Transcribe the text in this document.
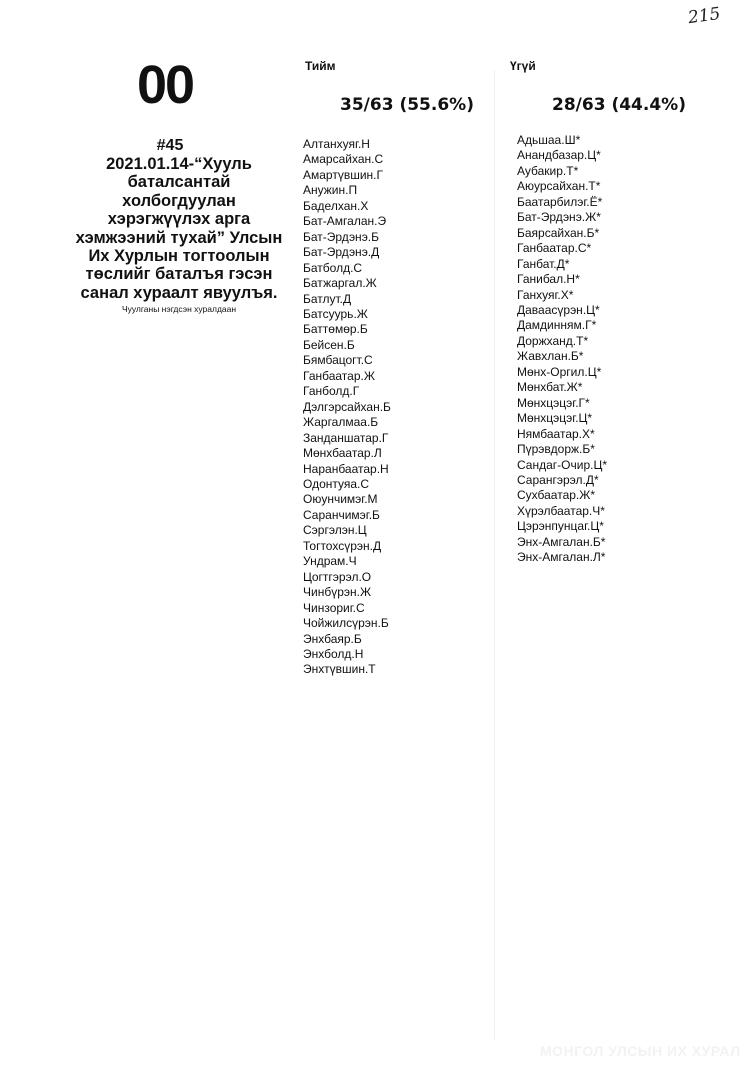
215
00
#45
2021.01.14-“Хууль баталсантай холбогдуулан хэрэгжүүлэх арга хэмжээний тухай” Улсын Их Хурлын тогтоолын төслийг баталъя гэсэн санал хураалт явуулъя.
Чуулганы нэгдсэн хуралдаан
Тийм
35/63 (55.6%)
Алтанхуяг.Н
Амарсайхан.С
Амартүвшин.Г
Анужин.П
Баделхан.Х
Бат-Амгалан.Э
Бат-Эрдэнэ.Б
Бат-Эрдэнэ.Д
Батболд.С
Батжаргал.Ж
Батлут.Д
Батсуурь.Ж
Баттөмөр.Б
Бейсен.Б
Бямбацогт.С
Ганбаатар.Ж
Ганболд.Г
Дэлгэрсайхан.Б
Жаргалмаа.Б
Занданшатар.Г
Мөнхбаатар.Л
Наранбаатар.Н
Одонтуяа.С
Оюунчимэг.М
Саранчимэг.Б
Сэргэлэн.Ц
Тогтохсүрэн.Д
Ундрам.Ч
Цогтгэрэл.О
Чинбүрэн.Ж
Чинзориг.С
Чойжилсүрэн.Б
Энхбаяр.Б
Энхболд.Н
Энхтүвшин.Т
Үгүй
28/63 (44.4%)
Адьшаа.Ш*
Анандбазар.Ц*
Аубакир.Т*
Аюурсайхан.Т*
Баатарбилэг.Ё*
Бат-Эрдэнэ.Ж*
Баярсайхан.Б*
Ганбаатар.С*
Ганбат.Д*
Ганибал.Н*
Ганхуяг.Х*
Даваасүрэн.Ц*
Дамдинням.Г*
Доржханд.Т*
Жавхлан.Б*
Мөнх-Оргил.Ц*
Мөнхбат.Ж*
Мөнхцэцэг.Г*
Мөнхцэцэг.Ц*
Нямбаатар.Х*
Пүрэвдорж.Б*
Сандаг-Очир.Ц*
Сарангэрэл.Д*
Сухбаатар.Ж*
Хүрэлбаатар.Ч*
Цэрэнпунцаг.Ц*
Энх-Амгалан.Б*
Энх-Амгалан.Л*
МОНГОЛ УЛСЫН ИХ ХУРАЛ
